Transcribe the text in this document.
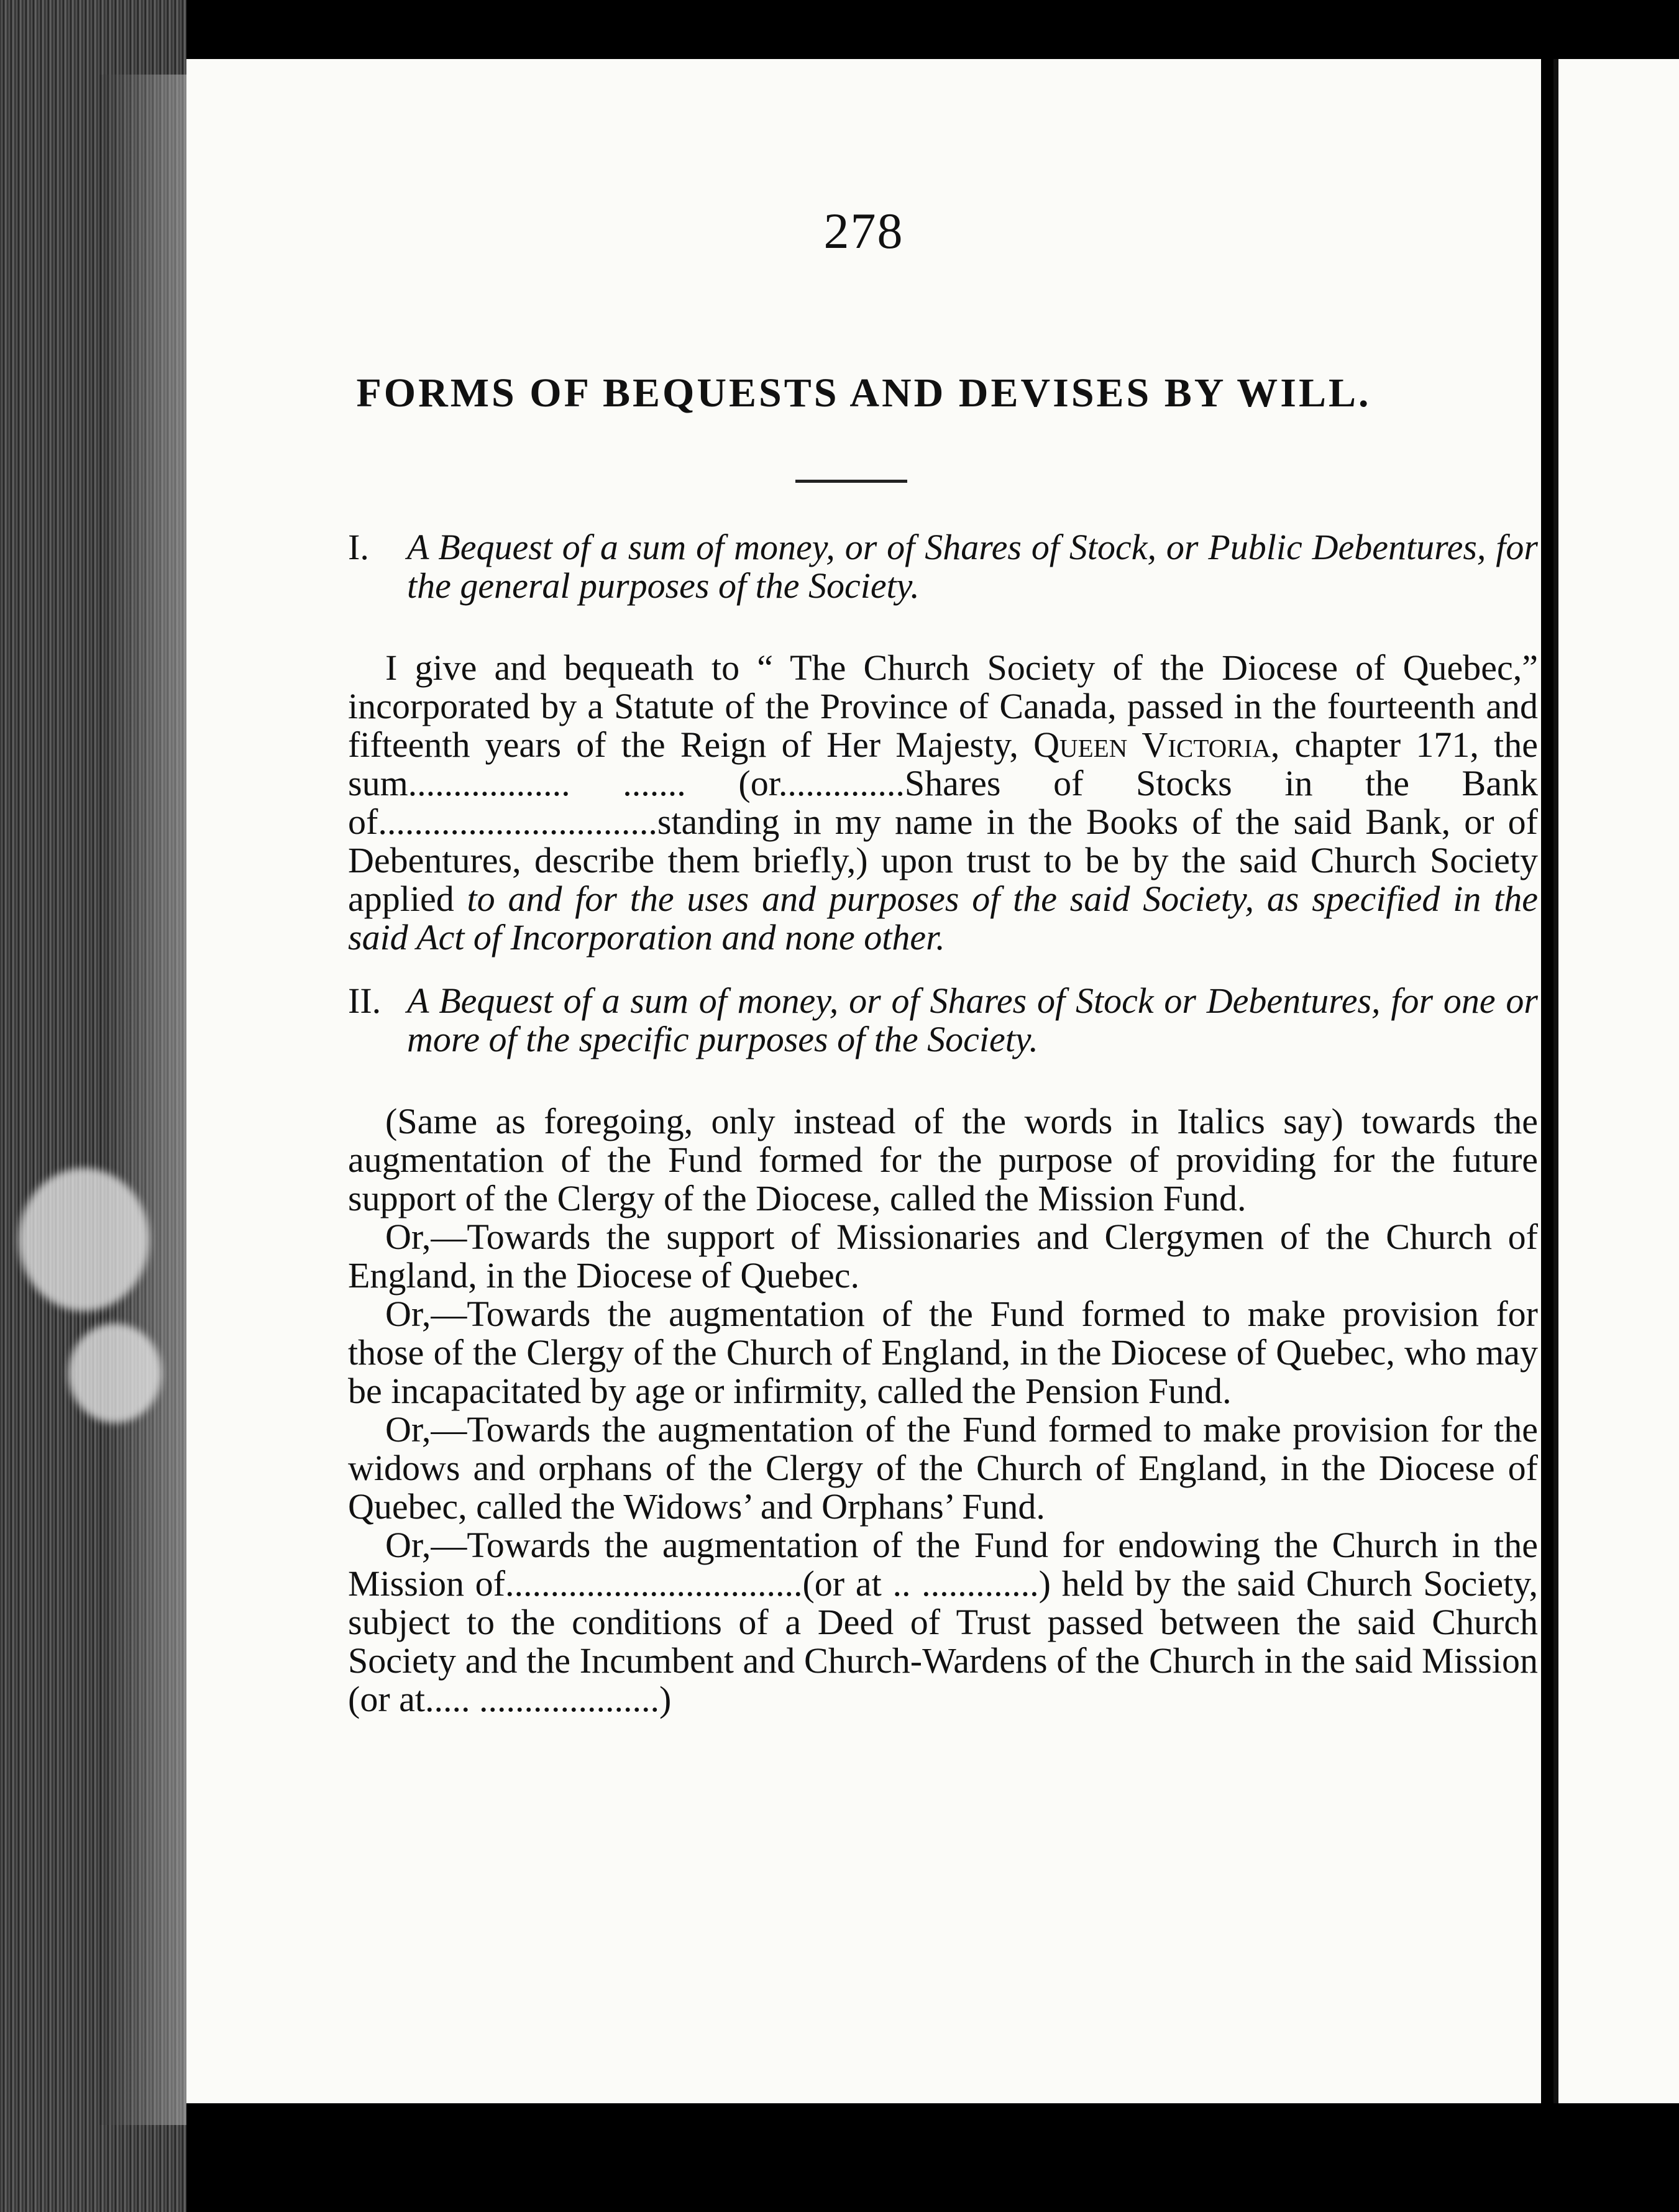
278
FORMS OF BEQUESTS AND DEVISES BY WILL.

I. A Bequest of a sum of money, or of Shares of Stock, or Public Debentures, for the general purposes of the Society.

I give and bequeath to “ The Church Society of the Diocese of Quebec,” incorporated by a Statute of the Province of Canada, passed in the fourteenth and fifteenth years of the Reign of Her Majesty, Queen Victoria, chapter 171, the sum.................. ....... (or..............Shares of Stocks in the Bank of...............................standing in my name in the Books of the said Bank, or of Debentures, describe them briefly,) upon trust to be by the said Church Society applied to and for the uses and purposes of the said Society, as specified in the said Act of Incorporation and none other.

II. A Bequest of a sum of money, or of Shares of Stock or Debentures, for one or more of the specific purposes of the Society.

(Same as foregoing, only instead of the words in Italics say) towards the augmentation of the Fund formed for the purpose of providing for the future support of the Clergy of the Diocese, called the Mission Fund.

Or,—Towards the support of Missionaries and Clergymen of the Church of England, in the Diocese of Quebec.

Or,—Towards the augmentation of the Fund formed to make provision for those of the Clergy of the Church of England, in the Diocese of Quebec, who may be incapacitated by age or infirmity, called the Pension Fund.

Or,—Towards the augmentation of the Fund formed to make provision for the widows and orphans of the Clergy of the Church of England, in the Diocese of Quebec, called the Widows’ and Orphans’ Fund.

Or,—Towards the augmentation of the Fund for endowing the Church in the Mission of.................................(or at .. .............) held by the said Church Society, subject to the conditions of a Deed of Trust passed between the said Church Society and the Incumbent and Church-Wardens of the Church in the said Mission (or at..... ....................)
